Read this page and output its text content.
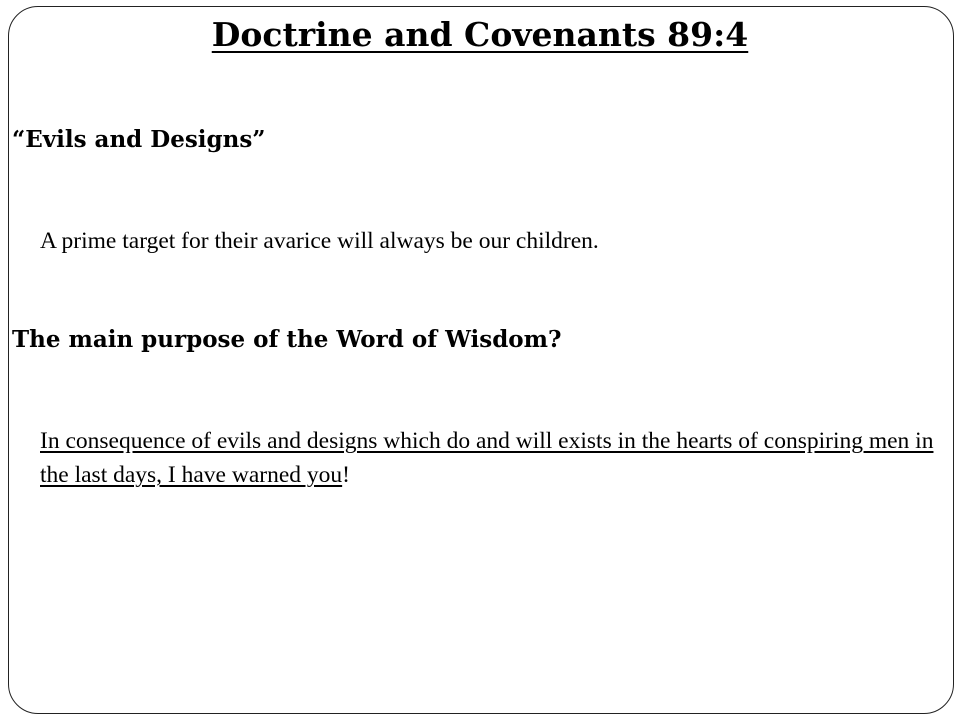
Doctrine and Covenants 89:4
“Evils and Designs”
A prime target for their avarice will always be our children.
The main purpose of the Word of Wisdom?
In consequence of evils and designs which do and will exists in the hearts of conspiring men in the last days, I have warned you!
